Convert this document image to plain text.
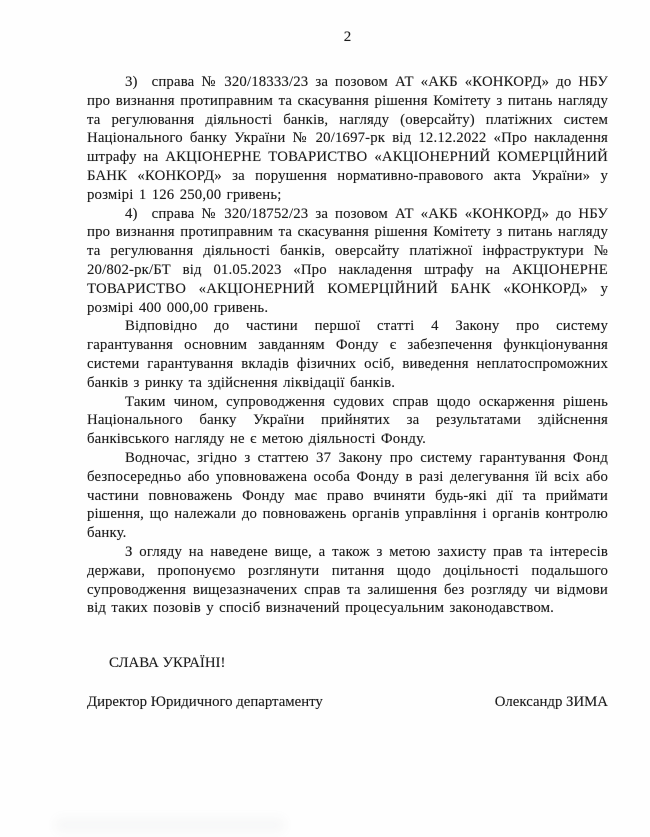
2

3)  справа № 320/18333/23 за позовом АТ «АКБ «КОНКОРД» до НБУ про визнання протиправним та скасування рішення Комітету з питань нагляду та регулювання діяльності банків, нагляду (оверсайту) платіжних систем Національного банку України № 20/1697-рк від 12.12.2022 «Про накладення штрафу на АКЦІОНЕРНЕ ТОВАРИСТВО «АКЦІОНЕРНИЙ КОМЕРЦІЙНИЙ БАНК «КОНКОРД» за порушення нормативно-правового акта України» у розмірі 1 126 250,00 гривень;

4)  справа № 320/18752/23 за позовом АТ «АКБ «КОНКОРД» до НБУ про визнання протиправним та скасування рішення Комітету з питань нагляду та регулювання діяльності банків, оверсайту платіжної інфраструктури № 20/802-рк/БТ від 01.05.2023 «Про накладення штрафу на АКЦІОНЕРНЕ ТОВАРИСТВО «АКЦІОНЕРНИЙ КОМЕРЦІЙНИЙ БАНК «КОНКОРД» у розмірі 400 000,00 гривень.

Відповідно до частини першої статті 4 Закону про систему гарантування основним завданням Фонду є забезпечення функціонування системи гарантування вкладів фізичних осіб, виведення неплатоспроможних банків з ринку та здійснення ліквідації банків.

Таким чином, супроводження судових справ щодо оскарження рішень Національного банку України прийнятих за результатами здійснення банківського нагляду не є метою діяльності Фонду.

Водночас, згідно з статтею 37 Закону про систему гарантування Фонд безпосередньо або уповноважена особа Фонду в разі делегування їй всіх або частини повноважень Фонду має право вчиняти будь-які дії та приймати рішення, що належали до повноважень органів управління і органів контролю банку.

З огляду на наведене вище, а також з метою захисту прав та інтересів держави, пропонуємо розглянути питання щодо доцільності подальшого супроводження вищезазначених справ та залишення без розгляду чи відмови від таких позовів у спосіб визначений процесуальним законодавством.

СЛАВА УКРАЇНІ!
Директор Юридичного департаменту	Олександр ЗИМА
